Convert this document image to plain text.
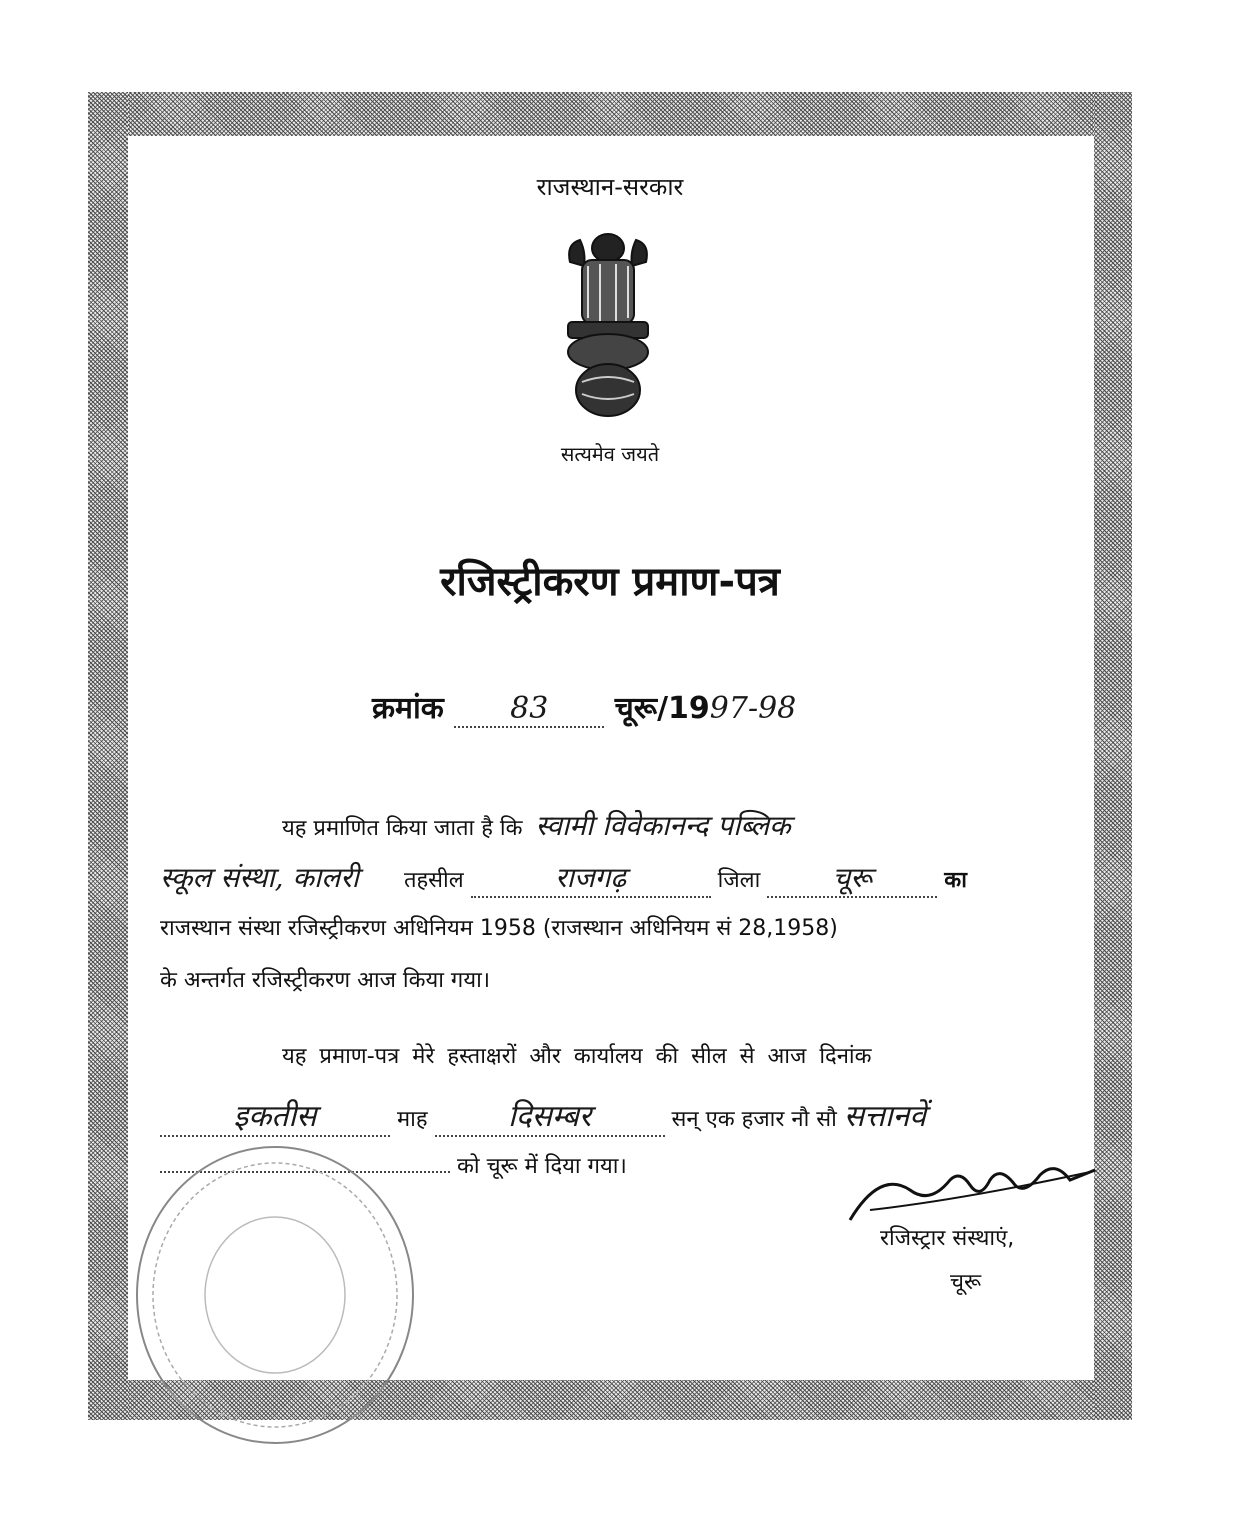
राजस्थान-सरकार
सत्यमेव जयते
रजिस्ट्रीकरण प्रमाण-पत्र
क्रमांक 83 चूरू/1997-98
यह प्रमाणित किया जाता है कि स्वामी विवेकानन्द पब्लिक
स्कूल संस्था, कालरी तहसील	राजगढ़	जिला	चूरू	का
राजस्थान संस्था रजिस्ट्रीकरण अधिनियम 1958 (राजस्थान अधिनियम सं 28,1958)
के अन्तर्गत रजिस्ट्रीकरण आज किया गया।
यह प्रमाण-पत्र मेरे हस्ताक्षरों और कार्यालय की सील से आज दिनांक
इकतीस	माह	दिसम्बर	सन् एक हजार नौ सौ सत्तानवें
को चूरू में दिया गया।
रजिस्ट्रार संस्थाएं,
चूरू
